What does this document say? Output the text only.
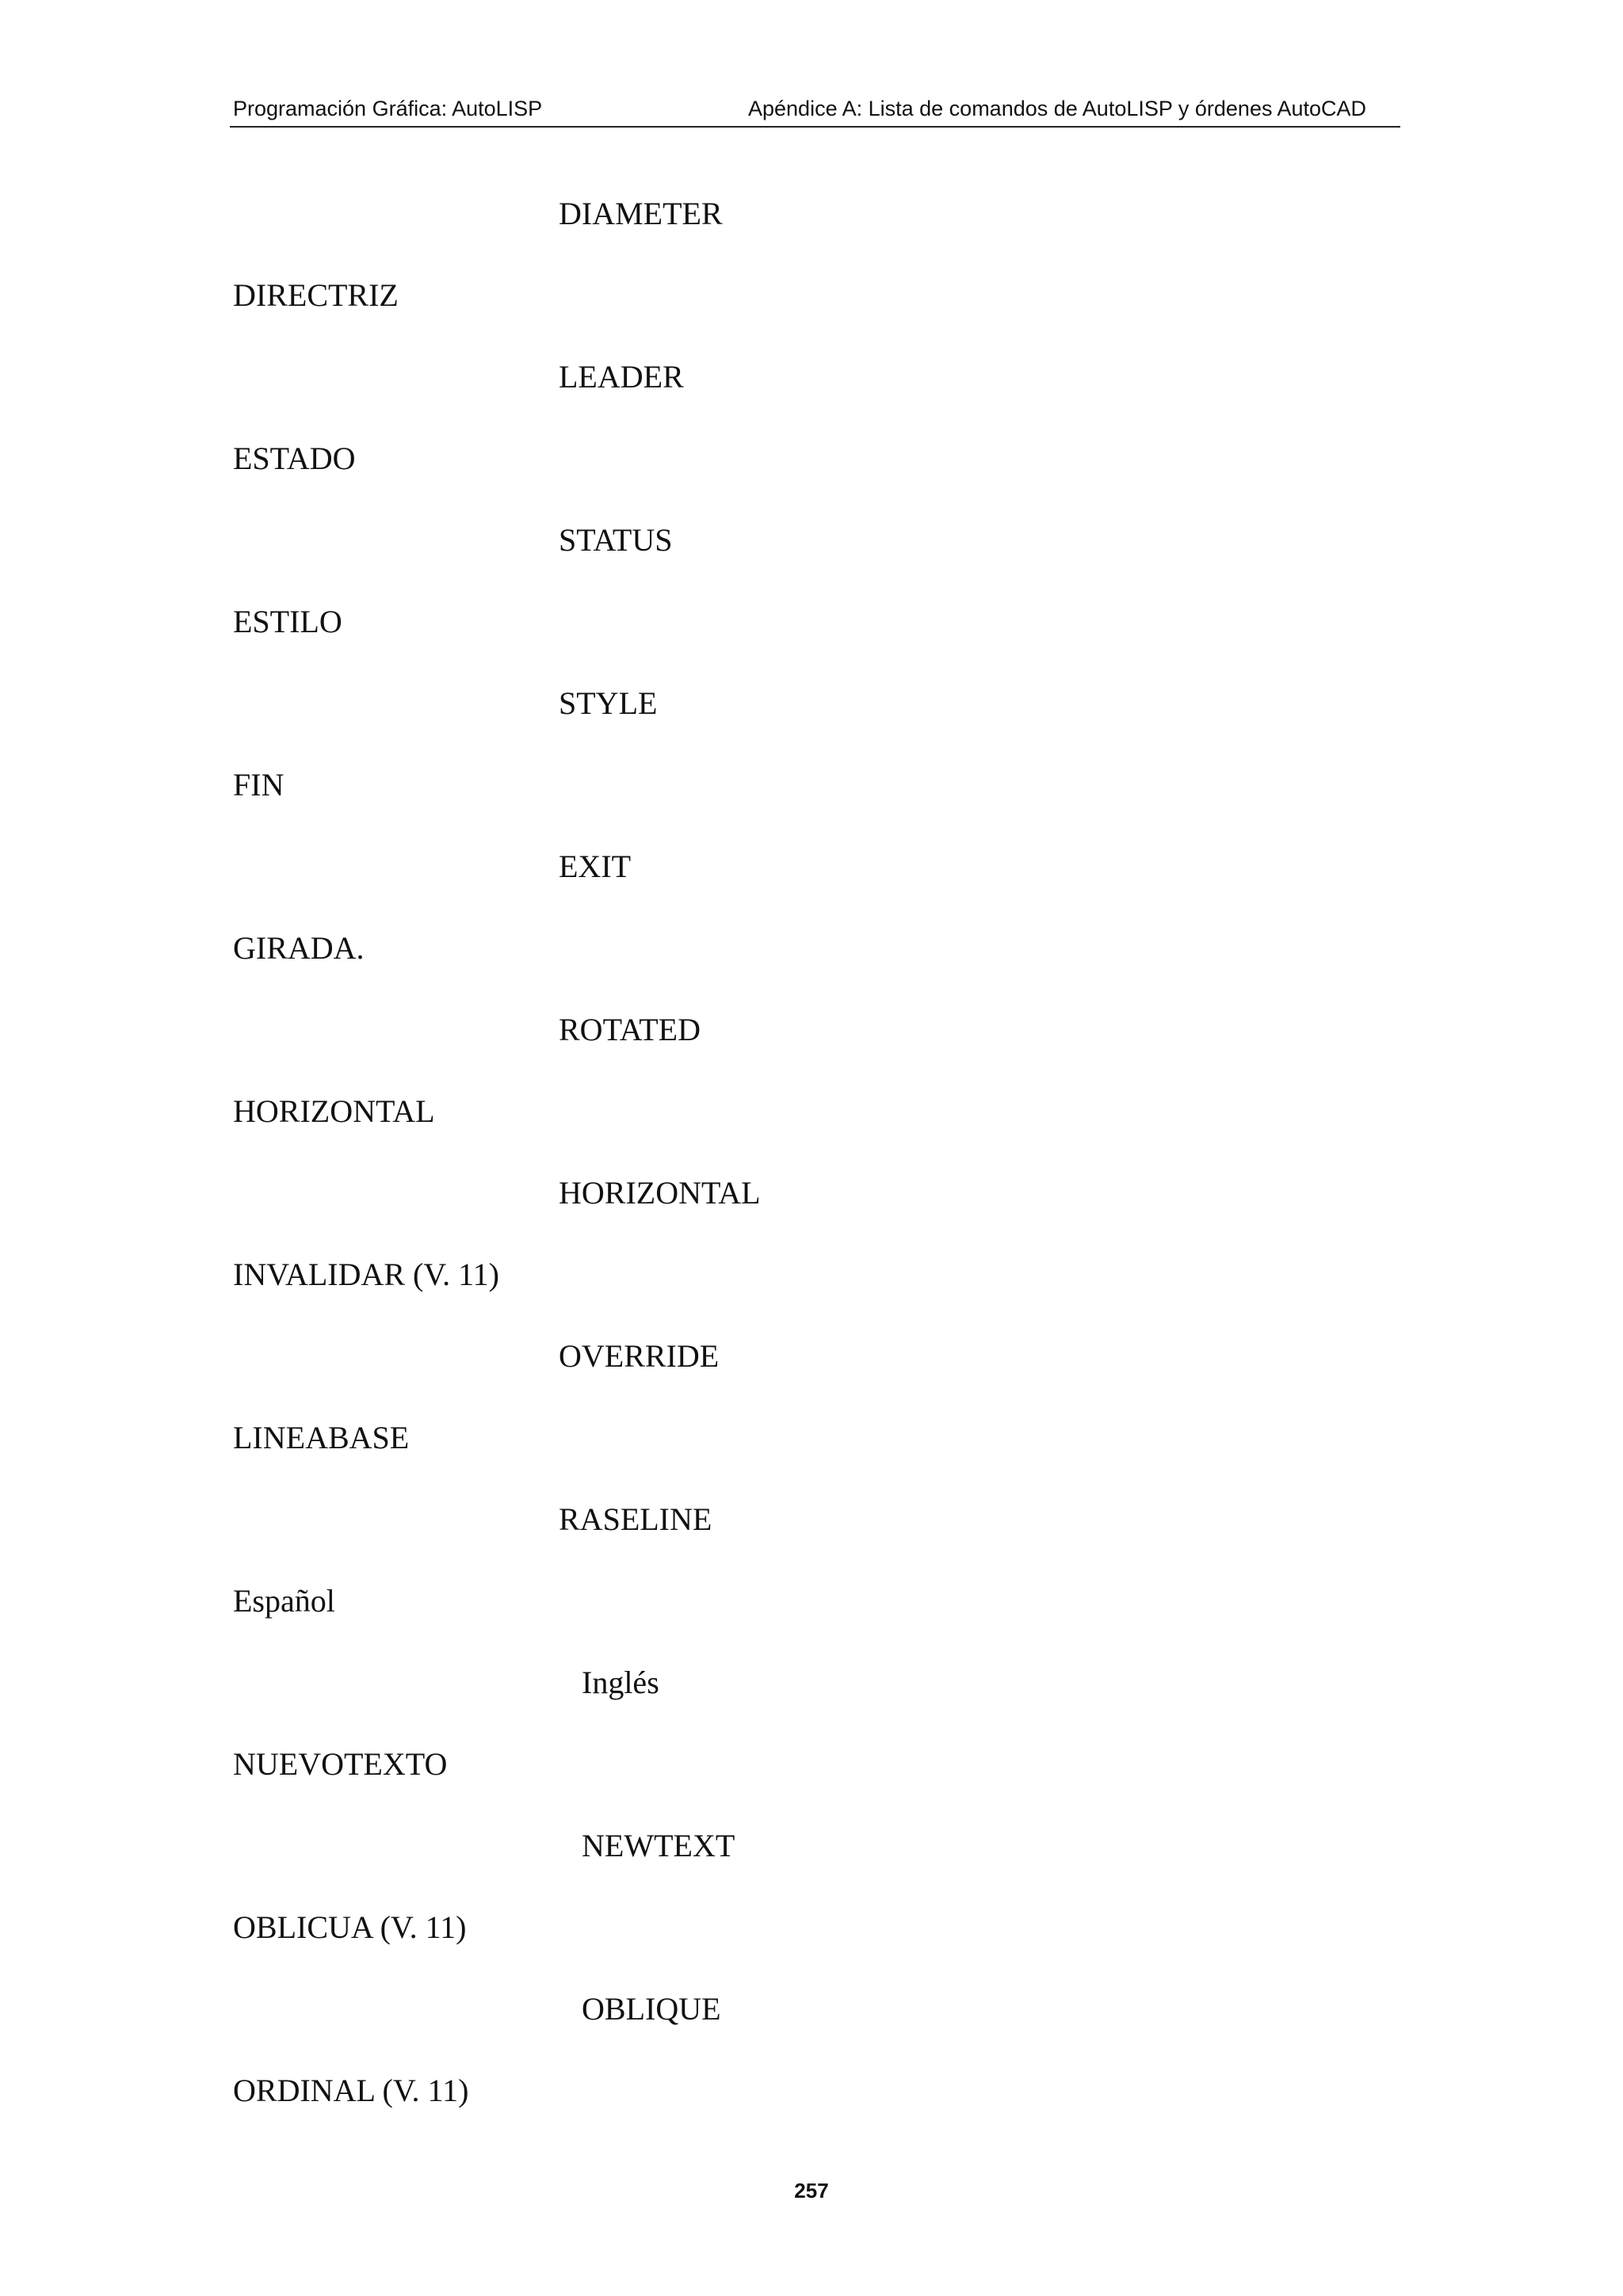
Programación Gráfica: AutoLISP	Apéndice A: Lista de comandos de AutoLISP y órdenes AutoCAD
DIAMETER
DIRECTRIZ
LEADER
ESTADO
STATUS
ESTILO
STYLE
FIN
EXIT
GIRADA.
ROTATED
HORIZONTAL
HORIZONTAL
INVALIDAR (V. 11)
OVERRIDE
LINEABASE
RASELINE
Español
Inglés
NUEVOTEXTO
NEWTEXT
OBLICUA (V. 11)
OBLIQUE
ORDINAL (V. 11)
257
